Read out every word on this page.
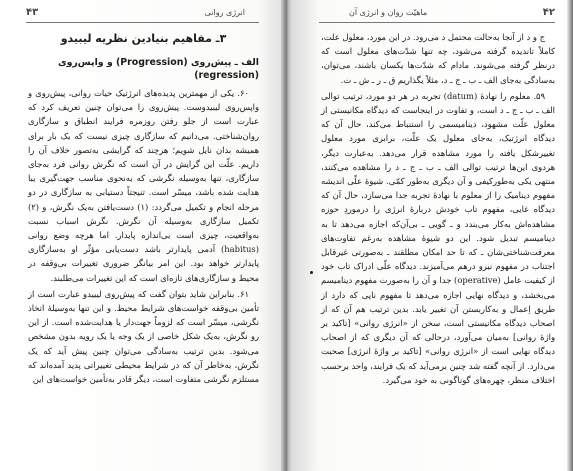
۴۳	انرژی روانی
۳ـ مفاهیم بنیادین نظریه لیبیدو
الف ـ پیش‌روی (Progression) و واپس‌روی (regression)

۶۰. یکی از مهمترین پدیده‌های انرژتیک حیات روانی، پیش‌روی و واپس‌روی لیبیدوست. پیش‌روی را می‌توان چنین تعریف کرد که عبارت است از جلو رفتن روزمره فرایند انطباق و سازگاری روان‌شناختی. می‌دانیم که سازگاری چیزی نیست که یک بار برای همیشه بدان نایل شویم؛ هرچند که گرایشی به‌تصور خلاف آن را داریم. علّت این گرایش در آن است که نگرش روانی فرد به‌جای سازگاری، تنها به‌وسیله نگرشی که به‌نحوی مناسب جهت‌گیری یبا هدایت شده باشد، میسّر است. تنیجتاً دستیابی به سازگاری در دو مرحله انجام و تکمیل می‌گردد: (۱) دست‌یافتن به‌یک نگرش، و (۲) تکمیل سازگاری به‌وسیله آن نگرش. نگرش اسباب نسبت به‌واقعیت، چیزی است بی‌اندازه پایدار. اما هرچه وضع روانی (habitus) آدمی پایدارتر باشد دست‌یابی مؤثّر او به‌سازگاری پایدارتر خواهد بود. این امر بیانگر ضروری تغییرات بی‌وقفه در محیط و سازگاری‌های تازه‌ای است که این تغییرات می‌طلبند.

۶۱. بنابراین شاید بتوان گفت که پیش‌روی لیبیدو عبارت است از تأمین بی‌وقفه خواست‌های شرایط محیط. و این تنها به‌وسیلهٔ اتخاذ نگرشی، میسّر است که لزوماً جهت‌دار یا هدایت‌شده است. از این رو نگرش، به‌‌یک شکل خاصی از یک وجه یا یک رویه بدون مشخص می‌شود. بدین ترتیب به‌سادگی می‌توان چنین پیش آید که یک نگرش، به‌خاطر آن که در شرایط محیطی تغییراتی پدید آمده‌اند که مستلزم نگرشی متفاوت است، دیگر قادر به‌تأمین خواست‌های این

۴۲
ماهیّت روان و انرژی آن

ج و د از آنجا به‌حالت محتمل د می‌رود. در این مورد، معلول علت، کاملاً تاندیده گرفته می‌شود، چه تنها شدّت‌های معلول است که درنظر گرفته می‌شوند. مادام که شدّت‌ها یکسان باشند، می‌توان، به‌سادگی به‌جای الف ـ ب ـ ج ـ د، مثلاً ‌یگذاریم ق ـ ‌ر ـ‌ ش ـ ت.

۵۹. معلوم را نهادهٔ (datum) تجربه در هر دو مورد، ترتیب توالی الف ـ ب ـ ج ـ د است، و تفاوت در اینجاست که دیدگاه مکانیستی از معلول علّت مشهود، دینامیسمی را استنباط می‌کند، حال آن که دیدگاه انرژتیک، به‌جای معلول یک علّت، برابری مورد معلول تغییرشکل یافته را مورد مشاهده قرار می‌دهد. به‌عبارت دیگر، هردوی این‌ها ترتیب توالی الف ـ ب ـ ج ـ د را مشاهده می‌کنند، منتهی یکی به‌طورکیفی و آن دیگری به‌طور کمّی. شیوهٔ علّی اندیشه مفهوم دینامیک را از معلوم با نهادهٔ تجربه جدا می‌سازد، حال آن که دیدگاه غایی، مفهوم تاب خودش دربارهٔ انرژی را درموردِ حوزه مشاهده‌اش به‌کار می‌بندد و ـ گویی ـ بی‌آن‌که اجازه می‌دهد تا به دینامیسم تبدیل شود. این دو شیوهٔ مشاهده به‌رغم تفاوت‌های معرفت‌شناختی‌شان ـ که تا حد امکان مطلقند ـ به‌صورتی غیرقابل اجتناب در مفهوم نیرو درهم می‌آمیزند. دیدگاه علّی ادراک تاب خود از کیفیت عامل (operative) جدا و آن را به‌‌صورت مفهوم دینامیسم می‌بخشد، و دیدگاه نهایی اجازه می‌دهد تا مفهوم ناپی که دارد از طریق اِعمال و به‌کاربستن آن تغییر یابد. بدین ترتیب هم آن که از اصحاب دیدگاه مکانیستی است، سخن از «انرژی روانی» [تاکید بر واژهٔ روانی] به‌میان می‌آورد، درحالی که آن دیگری که از اصحاب دیدگاه نهایی است از «انرژی روانی» [تاکید بر واژهٔ انرژی] صحبت می‌دارد. از آنچه گفته شد چنین بر‌می‌آید که یک فرایند، واحد برحسب اختلاف منظر، چهره‌های گوناگونی به خود می‌گیرد.
